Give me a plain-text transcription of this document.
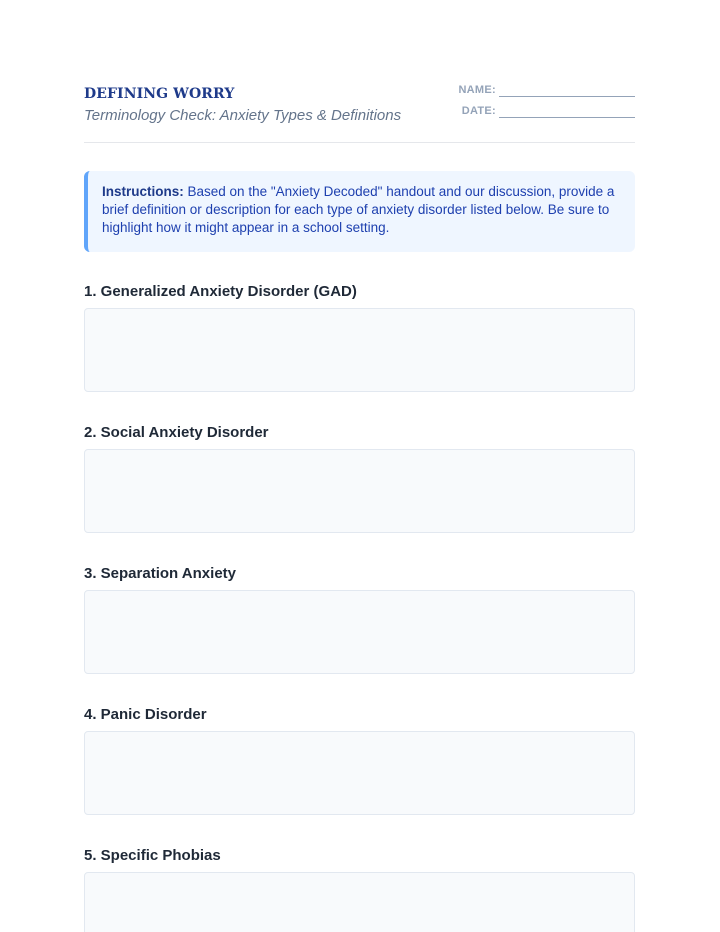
DEFINING WORRY
Terminology Check: Anxiety Types & Definitions
NAME:
DATE:
Instructions: Based on the "Anxiety Decoded" handout and our discussion, provide a brief definition or description for each type of anxiety disorder listed below. Be sure to highlight how it might appear in a school setting.
1. Generalized Anxiety Disorder (GAD)
2. Social Anxiety Disorder
3. Separation Anxiety
4. Panic Disorder
5. Specific Phobias
